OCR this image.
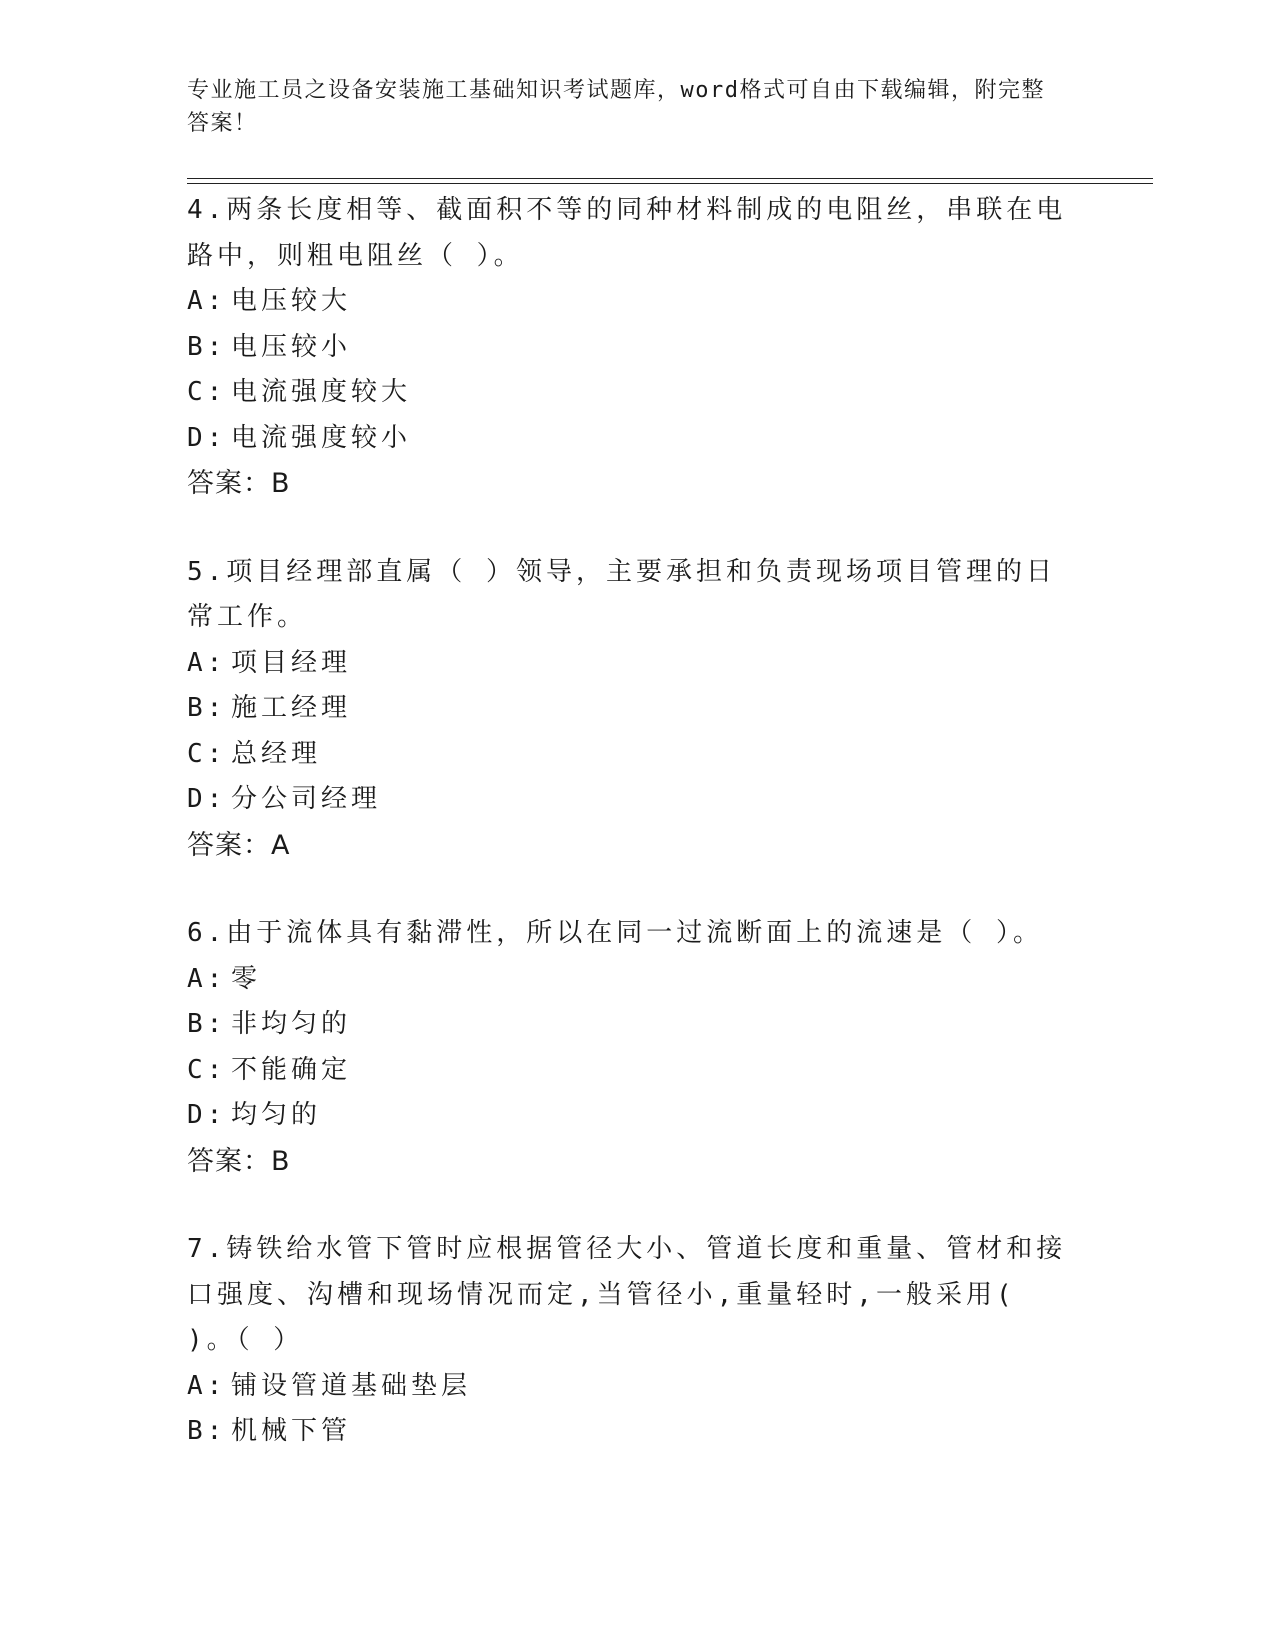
专业施工员之设备安装施工基础知识考试题库，word格式可自由下载编辑，附完整答案！
4.两条长度相等、截面积不等的同种材料制成的电阻丝，串联在电路中，则粗电阻丝（ ）。
A: 电压较大
B: 电压较小
C: 电流强度较大
D: 电流强度较小
答案：B
5.项目经理部直属（ ）领导，主要承担和负责现场项目管理的日常工作。
A: 项目经理
B: 施工经理
C: 总经理
D: 分公司经理
答案：A
6.由于流体具有黏滞性，所以在同一过流断面上的流速是（ ）。
A: 零
B: 非均匀的
C: 不能确定
D: 均匀的
答案：B
7.铸铁给水管下管时应根据管径大小、管道长度和重量、管材和接口强度、沟槽和现场情况而定,当管径小,重量轻时,一般采用( )。（ ）
A: 铺设管道基础垫层
B: 机械下管
